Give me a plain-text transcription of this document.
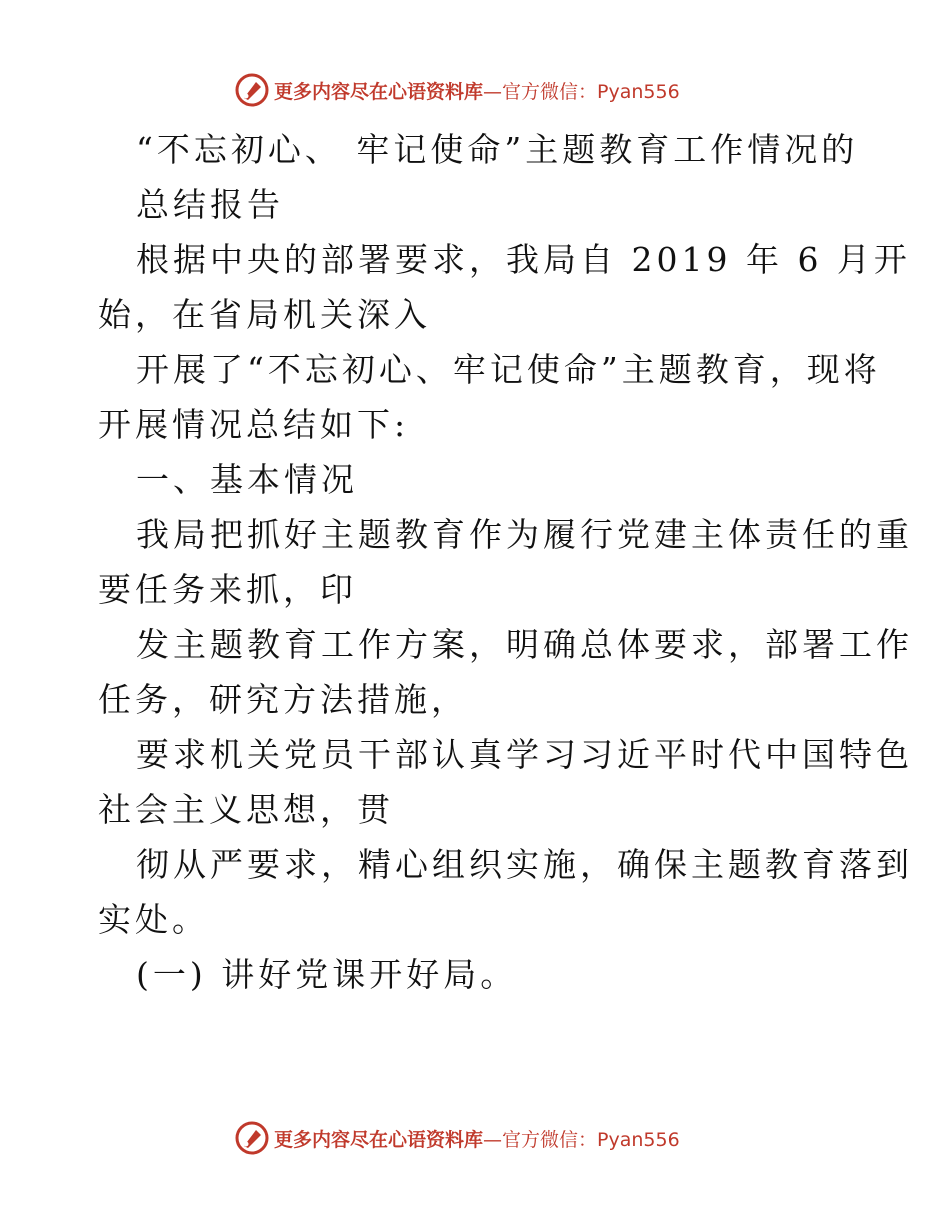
更多内容尽在心语资料库—官方微信：Pyan556
“不忘初心、 牢记使命”主题教育工作情况的
总结报告
根据中央的部署要求，我局自 2019 年 6 月开
始，在省局机关深入
开展了“不忘初心、牢记使命”主题教育，现将
开展情况总结如下:
一、基本情况
我局把抓好主题教育作为履行党建主体责任的重
要任务来抓，印
发主题教育工作方案，明确总体要求，部署工作
任务，研究方法措施，
要求机关党员干部认真学习习近平时代中国特色
社会主义思想，贯
彻从严要求，精心组织实施，确保主题教育落到
实处。
(一) 讲好党课开好局。
更多内容尽在心语资料库—官方微信：Pyan556
